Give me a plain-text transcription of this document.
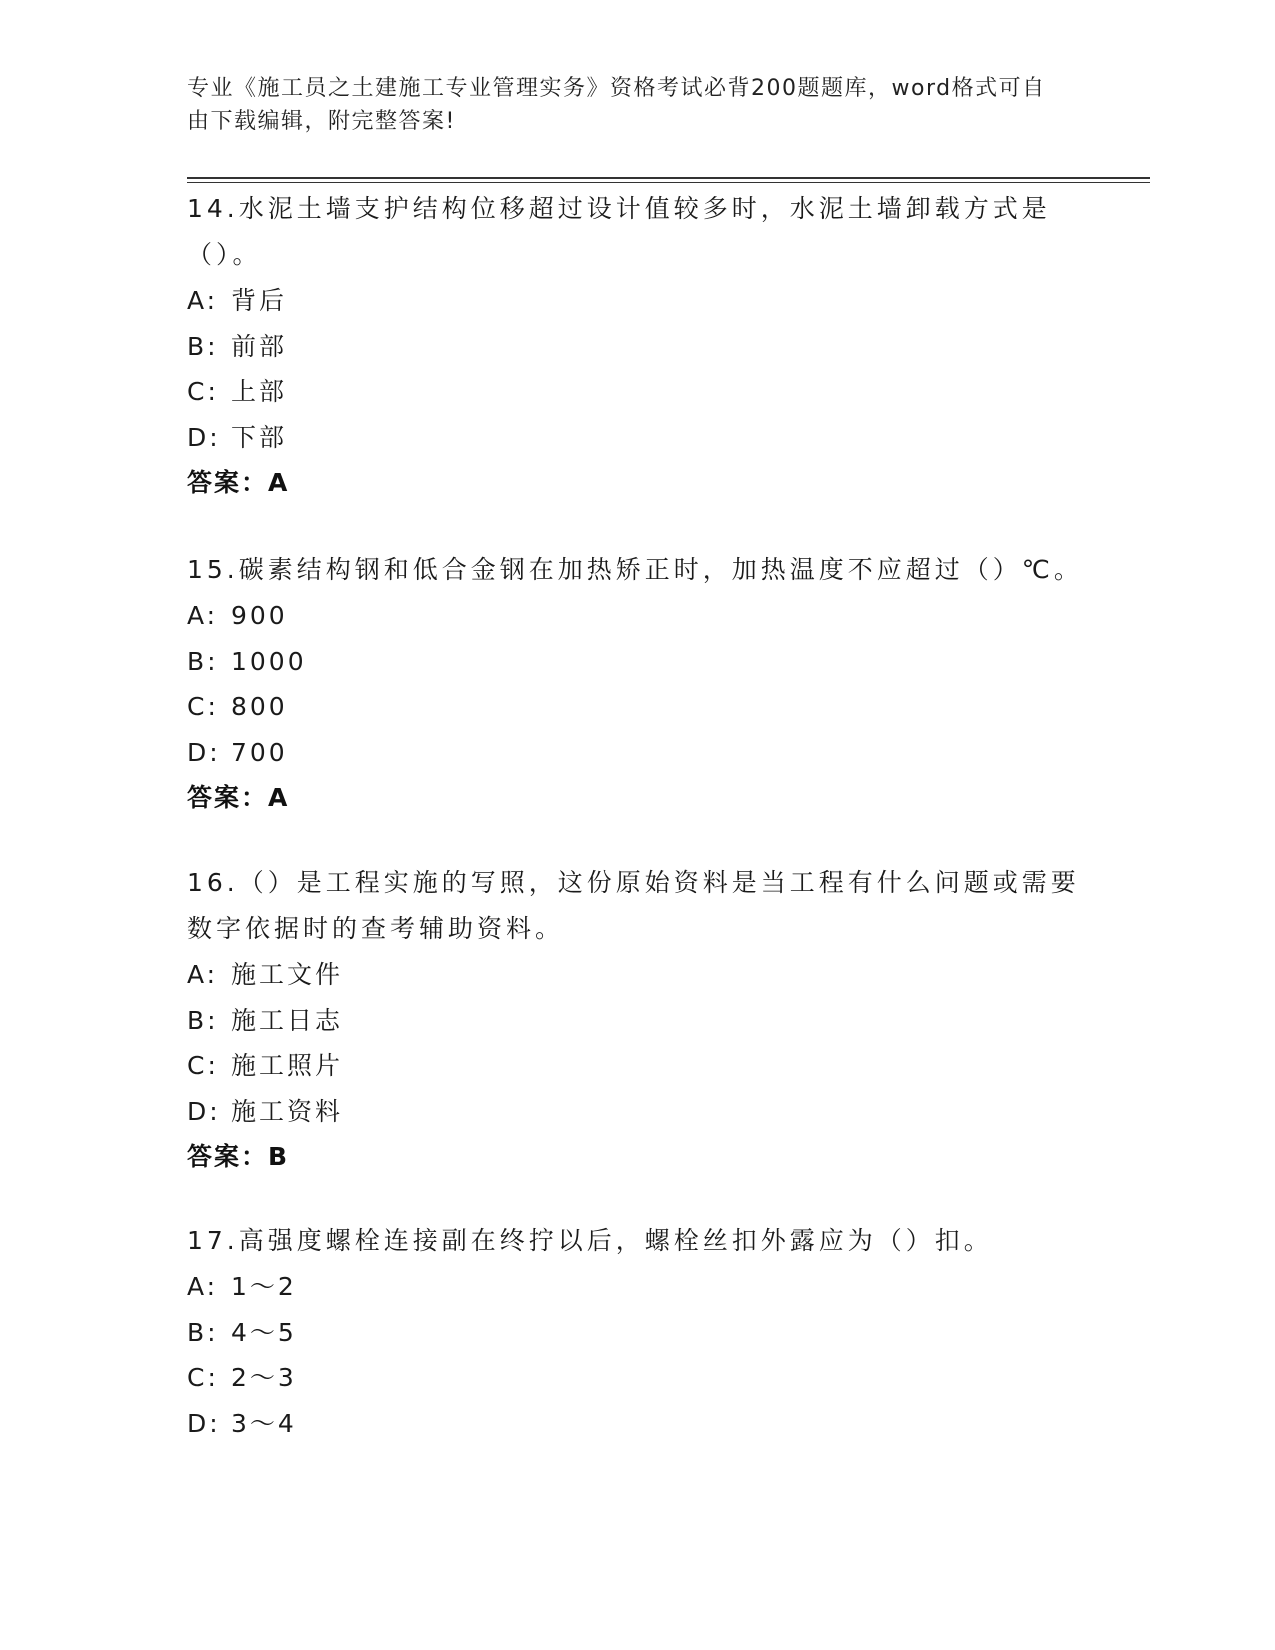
专业《施工员之土建施工专业管理实务》资格考试必背200题题库，word格式可自由下载编辑，附完整答案!
14.水泥土墙支护结构位移超过设计值较多时，水泥土墙卸载方式是（）。
A: 背后
B: 前部
C: 上部
D: 下部
答案：A
15.碳素结构钢和低合金钢在加热矫正时，加热温度不应超过（）℃。
A: 900
B: 1000
C: 800
D: 700
答案：A
16.（）是工程实施的写照，这份原始资料是当工程有什么问题或需要数字依据时的查考辅助资料。
A: 施工文件
B: 施工日志
C: 施工照片
D: 施工资料
答案：B
17.高强度螺栓连接副在终拧以后，螺栓丝扣外露应为（）扣。
A: 1～2
B: 4～5
C: 2～3
D: 3～4
